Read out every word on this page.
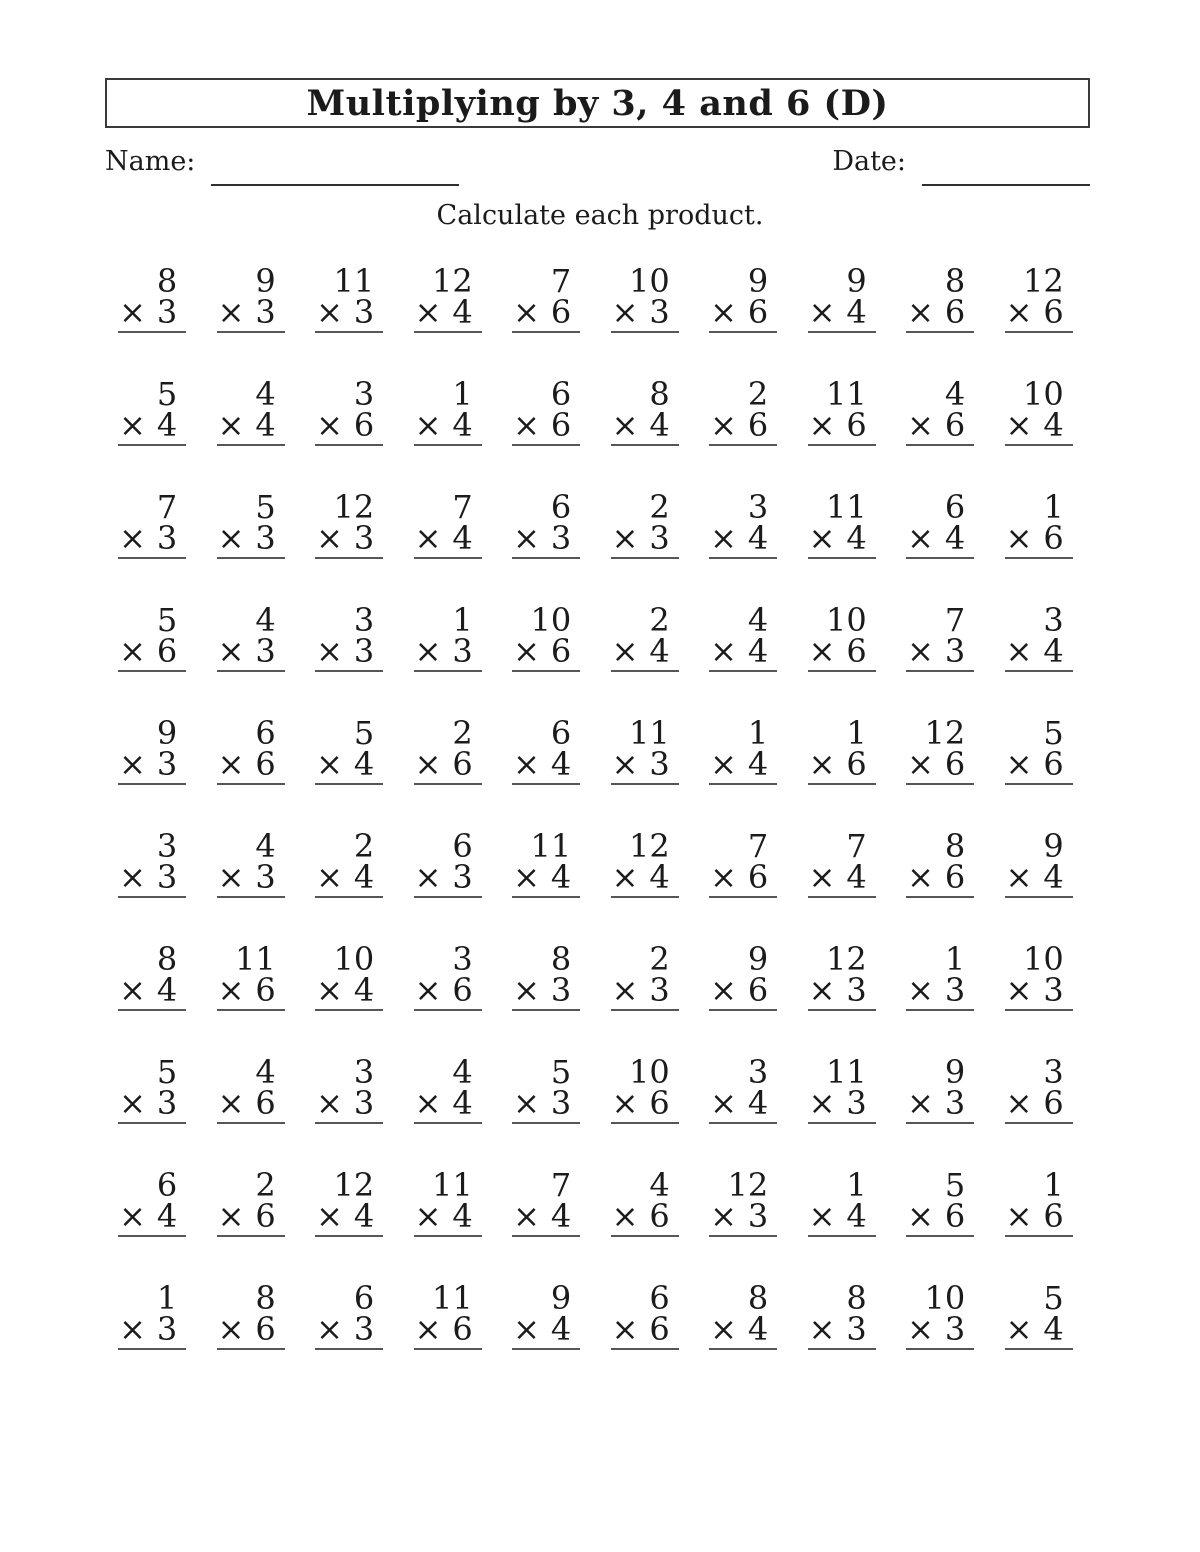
Multiplying by 3, 4 and 6 (D)
Name:	Date:
Calculate each product.
8
× 3
9
× 3
11
× 3
12
× 4
7
× 6
10
× 3
9
× 6
9
× 4
8
× 6
12
× 6
5
× 4
4
× 4
3
× 6
1
× 4
6
× 6
8
× 4
2
× 6
11
× 6
4
× 6
10
× 4
7
× 3
5
× 3
12
× 3
7
× 4
6
× 3
2
× 3
3
× 4
11
× 4
6
× 4
1
× 6
5
× 6
4
× 3
3
× 3
1
× 3
10
× 6
2
× 4
4
× 4
10
× 6
7
× 3
3
× 4
9
× 3
6
× 6
5
× 4
2
× 6
6
× 4
11
× 3
1
× 4
1
× 6
12
× 6
5
× 6
3
× 3
4
× 3
2
× 4
6
× 3
11
× 4
12
× 4
7
× 6
7
× 4
8
× 6
9
× 4
8
× 4
11
× 6
10
× 4
3
× 6
8
× 3
2
× 3
9
× 6
12
× 3
1
× 3
10
× 3
5
× 3
4
× 6
3
× 3
4
× 4
5
× 3
10
× 6
3
× 4
11
× 3
9
× 3
3
× 6
6
× 4
2
× 6
12
× 4
11
× 4
7
× 4
4
× 6
12
× 3
1
× 4
5
× 6
1
× 6
1
× 3
8
× 6
6
× 3
11
× 6
9
× 4
6
× 6
8
× 4
8
× 3
10
× 3
5
× 4
